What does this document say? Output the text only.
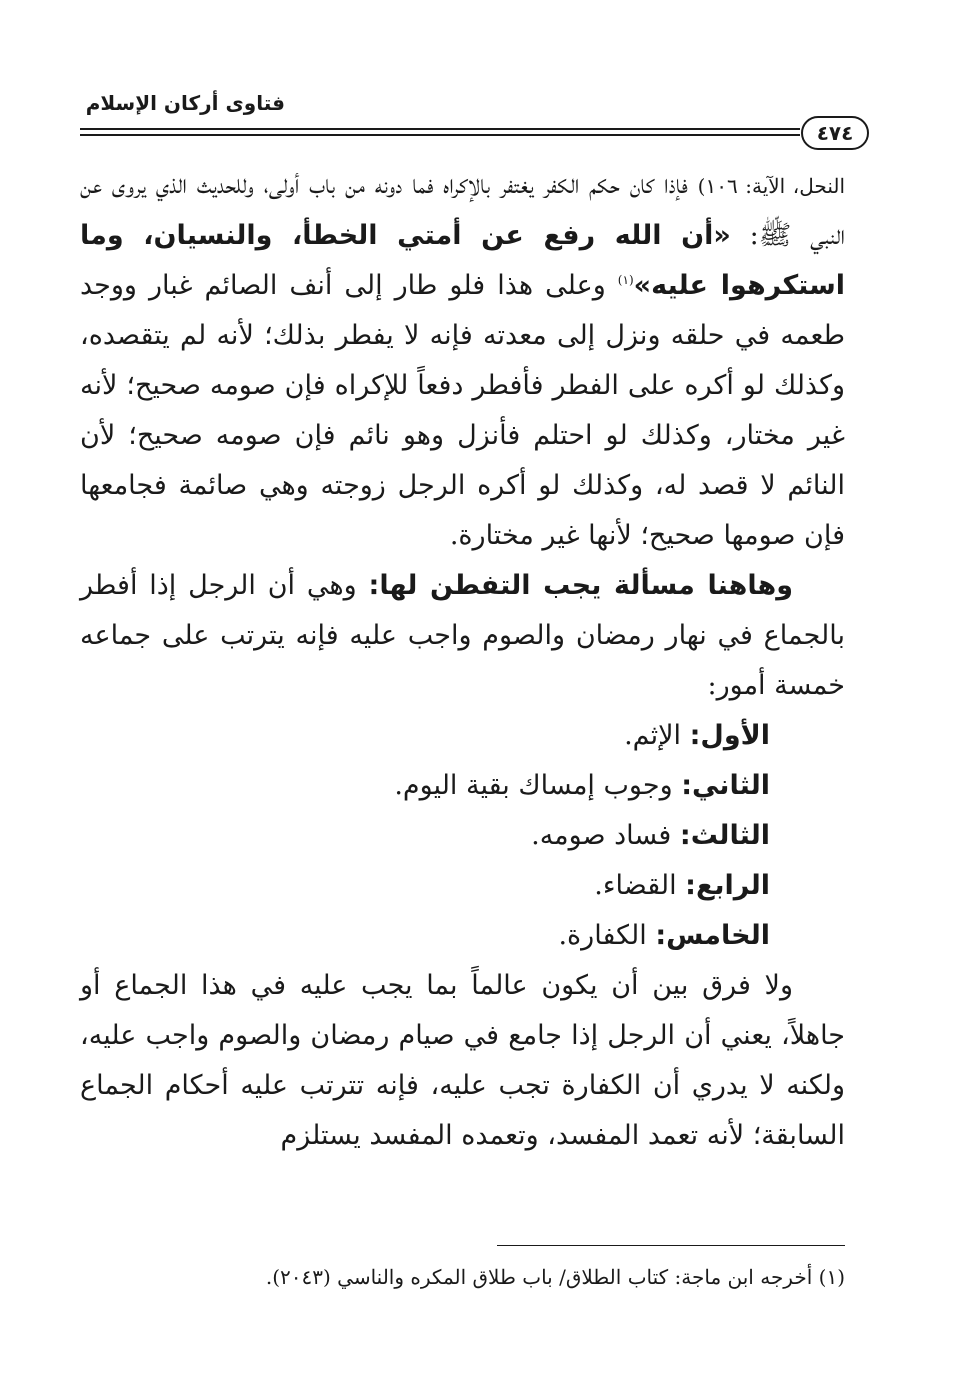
فتاوى أركان الإسلام
٤٧٤

النحل، الآية: ١٠٦) فإذا كان حكم الكفر يغتفر بالإكراه فما دونه من باب أولى، وللحديث الذي يروى عن النبي ﷺ: «أن الله رفع عن أمتي الخطأ، والنسيان، وما استكرهوا عليه»$^{(١)}$ وعلى هذا فلو طار إلى أنف الصائم غبار ووجد طعمه في حلقه ونزل إلى معدته فإنه لا يفطر بذلك؛ لأنه لم يتقصده، وكذلك لو أكره على الفطر فأفطر دفعاً للإكراه فإن صومه صحيح؛ لأنه غير مختار، وكذلك لو احتلم فأنزل وهو نائم فإن صومه صحيح؛ لأن النائم لا قصد له، وكذلك لو أكره الرجل زوجته وهي صائمة فجامعها فإن صومها صحيح؛ لأنها غير مختارة.

وهاهنا مسألة يجب التفطن لها: وهي أن الرجل إذا أفطر بالجماع في نهار رمضان والصوم واجب عليه فإنه يترتب على جماعه خمسة أمور:

الأول: الإثم.

الثاني: وجوب إمساك بقية اليوم.

الثالث: فساد صومه.

الرابع: القضاء.

الخامس: الكفارة.

ولا فرق بين أن يكون عالماً بما يجب عليه في هذا الجماع أو جاهلاً، يعني أن الرجل إذا جامع في صيام رمضان والصوم واجب عليه، ولكنه لا يدري أن الكفارة تجب عليه، فإنه تترتب عليه أحكام الجماع السابقة؛ لأنه تعمد المفسد، وتعمده المفسد يستلزم

(١) أخرجه ابن ماجة: كتاب الطلاق/ باب طلاق المكره والناسي (٢٠٤٣).
